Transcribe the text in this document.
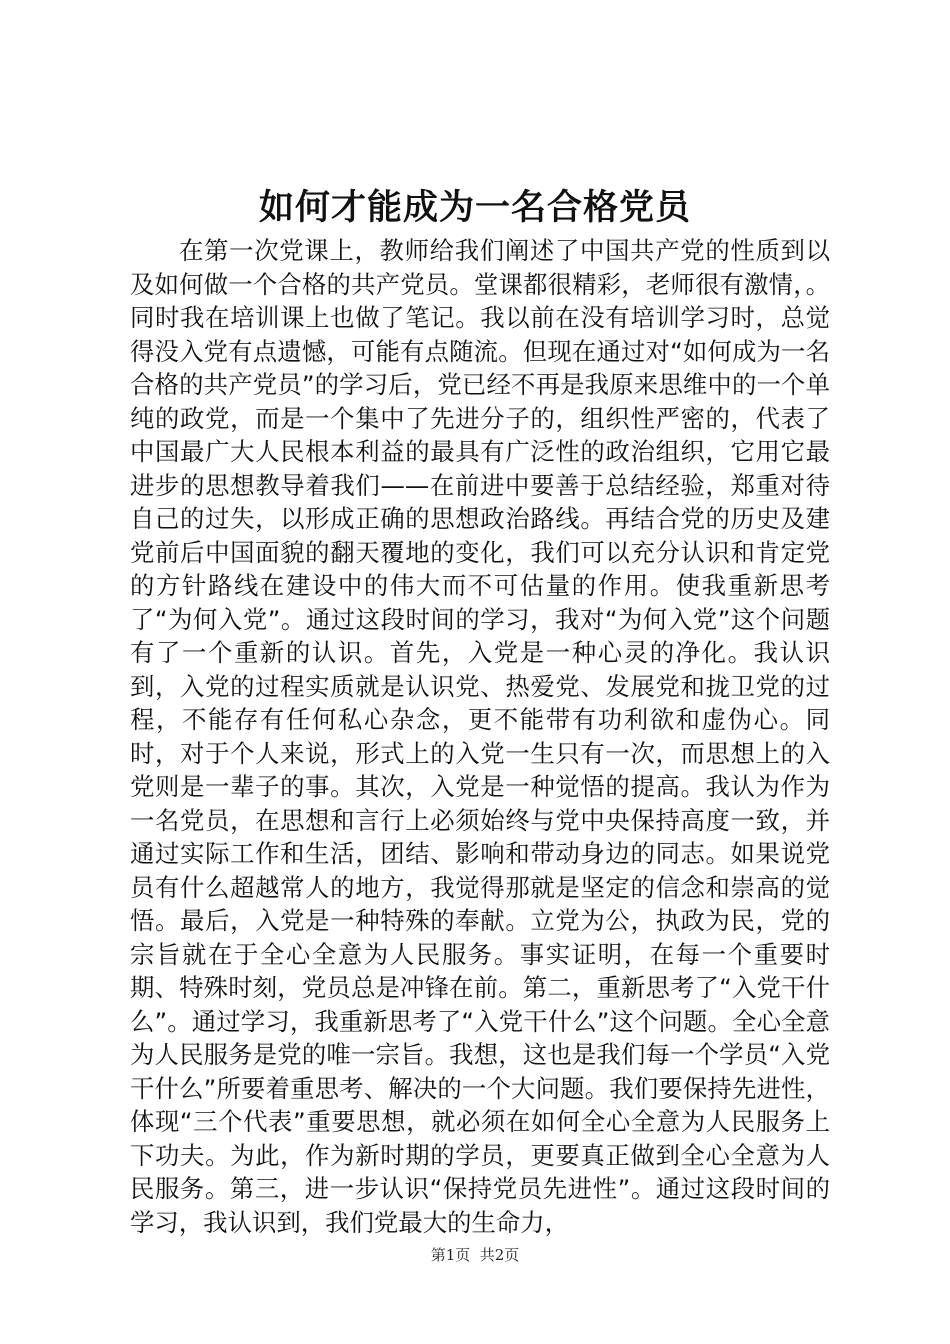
如何才能成为一名合格党员

在第一次党课上，教师给我们阐述了中国共产党的性质到以及如何做一个合格的共产党员。堂课都很精彩，老师很有激情，。同时我在培训课上也做了笔记。我以前在没有培训学习时，总觉得没入党有点遗憾，可能有点随流。但现在通过对“如何成为一名合格的共产党员”的学习后，党已经不再是我原来思维中的一个单纯的政党，而是一个集中了先进分子的，组织性严密的，代表了中国最广大人民根本利益的最具有广泛性的政治组织，它用它最进步的思想教导着我们——在前进中要善于总结经验，郑重对待自己的过失，以形成正确的思想政治路线。再结合党的历史及建党前后中国面貌的翻天覆地的变化，我们可以充分认识和肯定党的方针路线在建设中的伟大而不可估量的作用。使我重新思考了“为何入党”。通过这段时间的学习，我对“为何入党”这个问题有了一个重新的认识。首先，入党是一种心灵的净化。我认识到，入党的过程实质就是认识党、热爱党、发展党和拢卫党的过程，不能存有任何私心杂念，更不能带有功利欲和虚伪心。同时，对于个人来说，形式上的入党一生只有一次，而思想上的入党则是一辈子的事。其次，入党是一种觉悟的提高。我认为作为一名党员，在思想和言行上必须始终与党中央保持高度一致，并通过实际工作和生活，团结、影响和带动身边的同志。如果说党员有什么超越常人的地方，我觉得那就是坚定的信念和崇高的觉悟。最后，入党是一种特殊的奉献。立党为公，执政为民，党的宗旨就在于全心全意为人民服务。事实证明，在每一个重要时期、特殊时刻，党员总是冲锋在前。第二，重新思考了“入党干什么”。通过学习，我重新思考了“入党干什么”这个问题。全心全意为人民服务是党的唯一宗旨。我想，这也是我们每一个学员“入党干什么”所要着重思考、解决的一个大问题。我们要保持先进性，体现“三个代表”重要思想，就必须在如何全心全意为人民服务上下功夫。为此，作为新时期的学员，更要真正做到全心全意为人民服务。第三，进一步认识“保持党员先进性”。通过这段时间的学习，我认识到，我们党最大的生命力，

第1页  共2页
